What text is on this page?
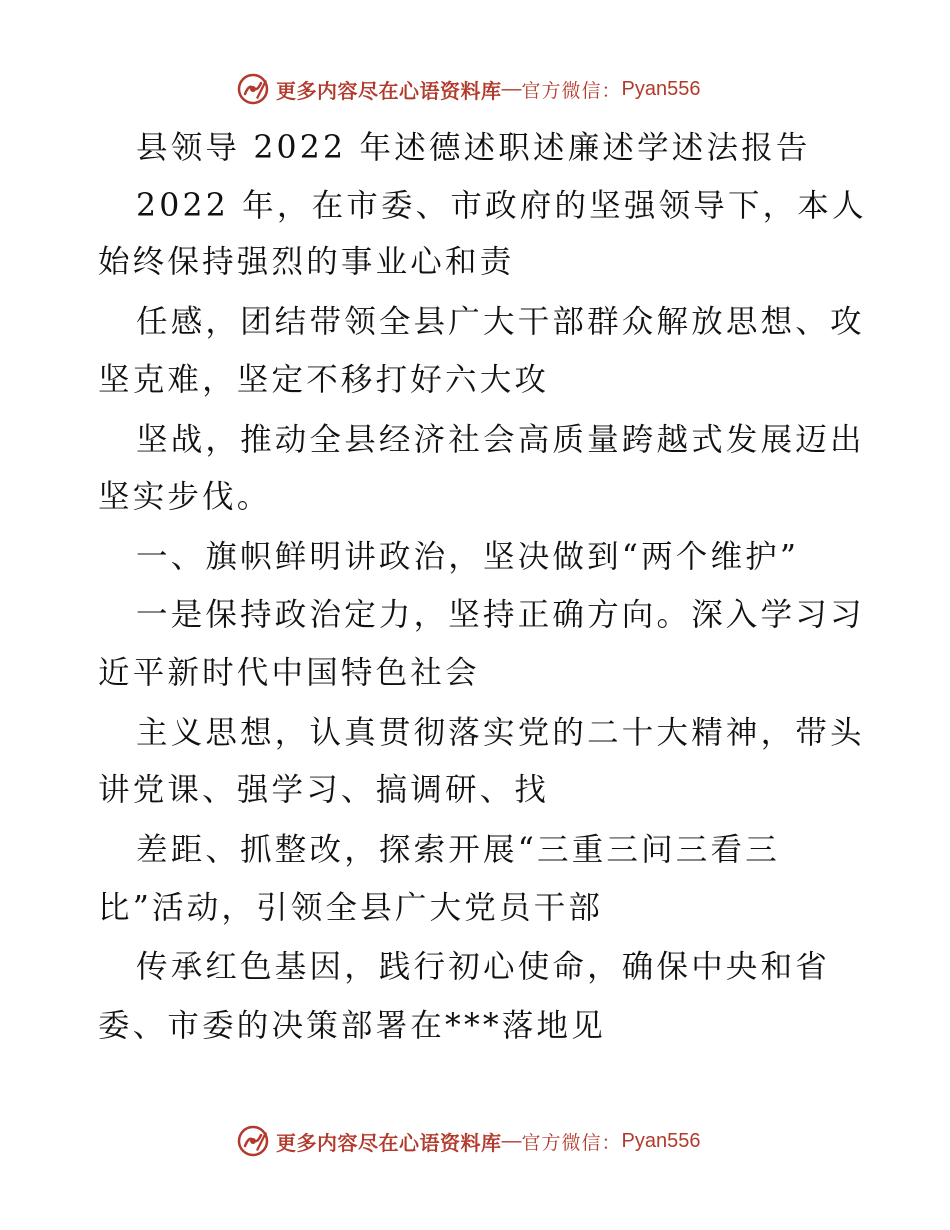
更多内容尽在心语资料库 — 官方微信： Pyan556
县领导 2022 年述德述职述廉述学述法报告
2022 年，在市委、市政府的坚强领导下，本人
始终保持强烈的事业心和责
任感，团结带领全县广大干部群众解放思想、攻
坚克难，坚定不移打好六大攻
坚战，推动全县经济社会高质量跨越式发展迈出
坚实步伐。
一、旗帜鲜明讲政治，坚决做到“两个维护”
一是保持政治定力，坚持正确方向。深入学习习
近平新时代中国特色社会
主义思想，认真贯彻落实党的二十大精神，带头
讲党课、强学习、搞调研、找
差距、抓整改，探索开展“三重三问三看三
比”活动，引领全县广大党员干部
传承红色基因，践行初心使命，确保中央和省
委、市委的决策部署在***落地见
更多内容尽在心语资料库 — 官方微信： Pyan556
